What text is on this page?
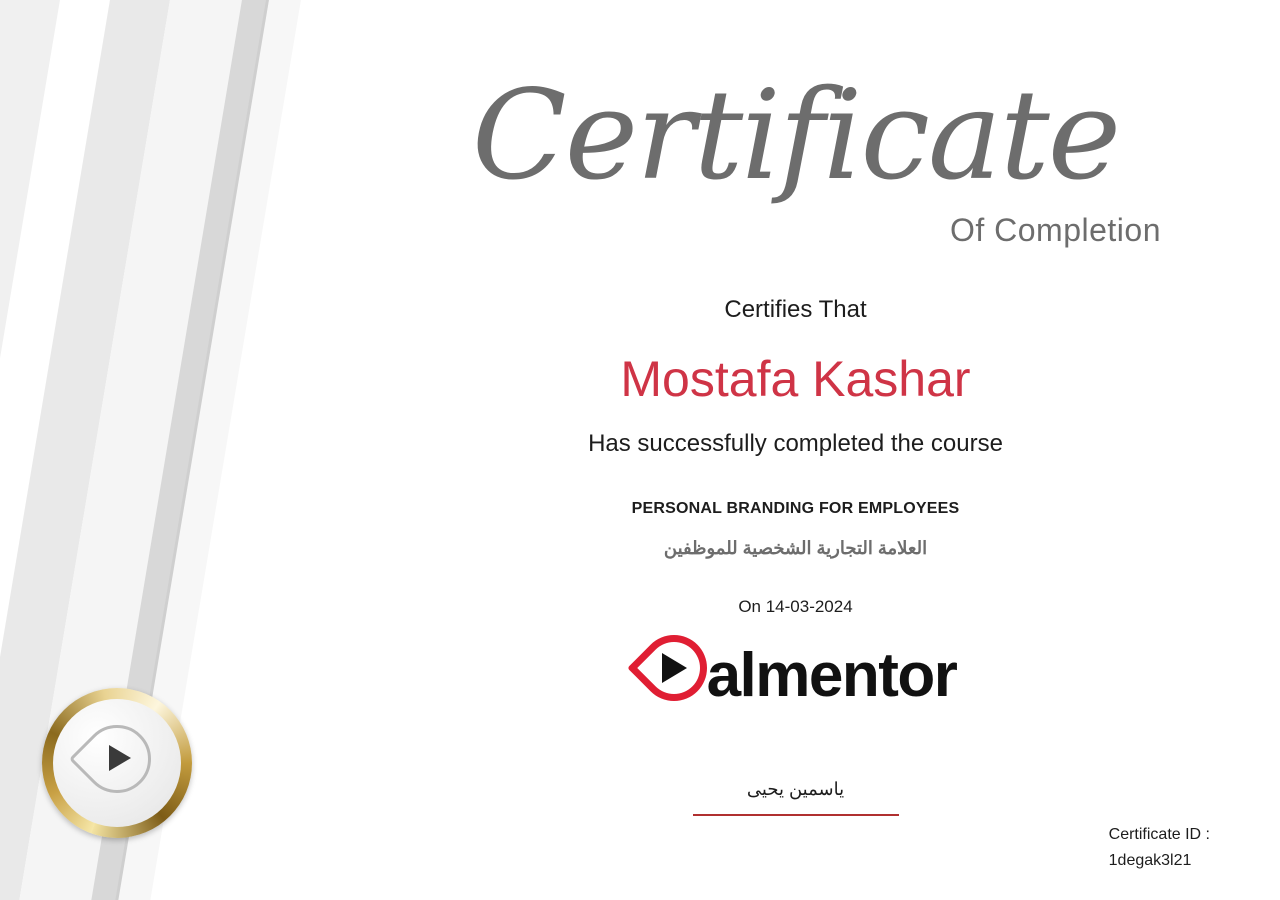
Certificate
Of Completion
Certifies That
Mostafa Kashar
Has successfully completed the course
PERSONAL BRANDING FOR EMPLOYEES
العلامة التجارية الشخصية للموظفين
On 14-03-2024
almentor
ياسمين يحيى
Certificate ID :
1degak3l21
